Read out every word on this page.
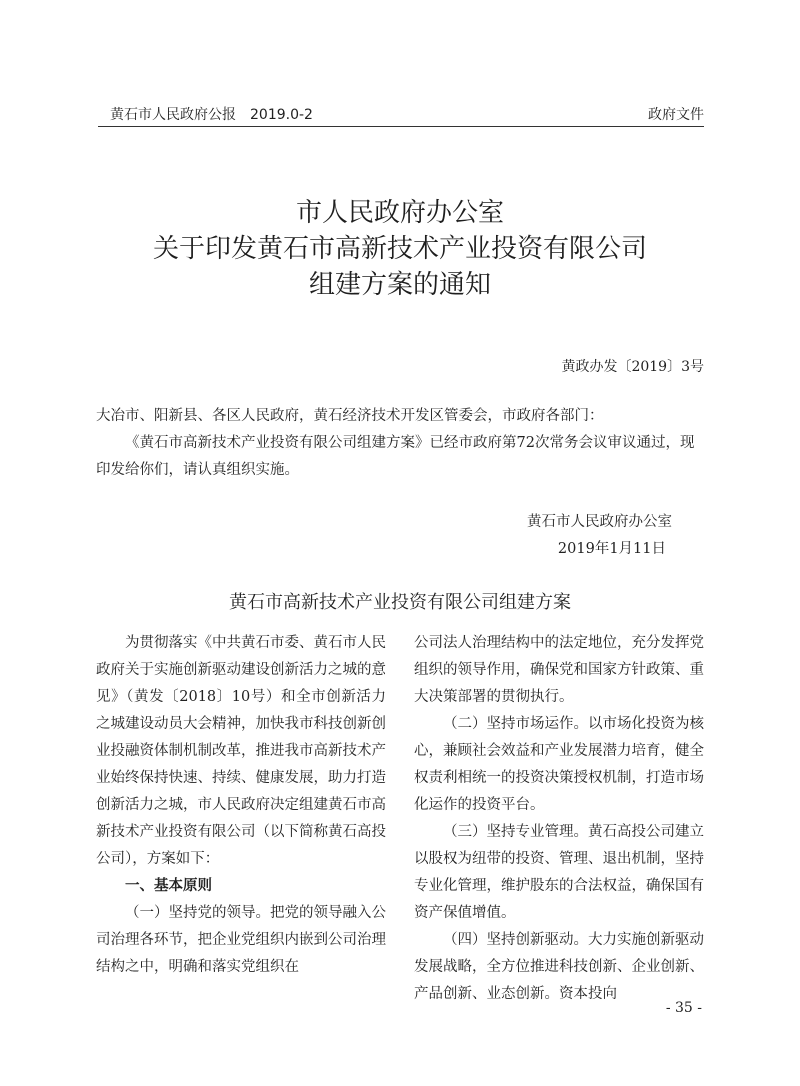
黄石市人民政府公报　2019.0-2	政府文件
市人民政府办公室
关于印发黄石市高新技术产业投资有限公司
组建方案的通知
黄政办发〔2019〕3号
大冶市、阳新县、各区人民政府，黄石经济技术开发区管委会，市政府各部门：
《黄石市高新技术产业投资有限公司组建方案》已经市政府第72次常务会议审议通过，现印发给你们，请认真组织实施。
黄石市人民政府办公室
2019年1月11日
黄石市高新技术产业投资有限公司组建方案

为贯彻落实《中共黄石市委、黄石市人民政府关于实施创新驱动建设创新活力之城的意见》（黄发〔2018〕10号）和全市创新活力之城建设动员大会精神，加快我市科技创新创业投融资体制机制改革，推进我市高新技术产业始终保持快速、持续、健康发展，助力打造创新活力之城，市人民政府决定组建黄石市高新技术产业投资有限公司（以下简称黄石高投公司），方案如下：

一、基本原则

（一）坚持党的领导。把党的领导融入公司治理各环节，把企业党组织内嵌到公司治理结构之中，明确和落实党组织在

公司法人治理结构中的法定地位，充分发挥党组织的领导作用，确保党和国家方针政策、重大决策部署的贯彻执行。

（二）坚持市场运作。以市场化投资为核心，兼顾社会效益和产业发展潜力培育，健全权责利相统一的投资决策授权机制，打造市场化运作的投资平台。

（三）坚持专业管理。黄石高投公司建立以股权为纽带的投资、管理、退出机制，坚持专业化管理，维护股东的合法权益，确保国有资产保值增值。

（四）坚持创新驱动。大力实施创新驱动发展战略，全方位推进科技创新、企业创新、产品创新、业态创新。资本投向

- 35 -
